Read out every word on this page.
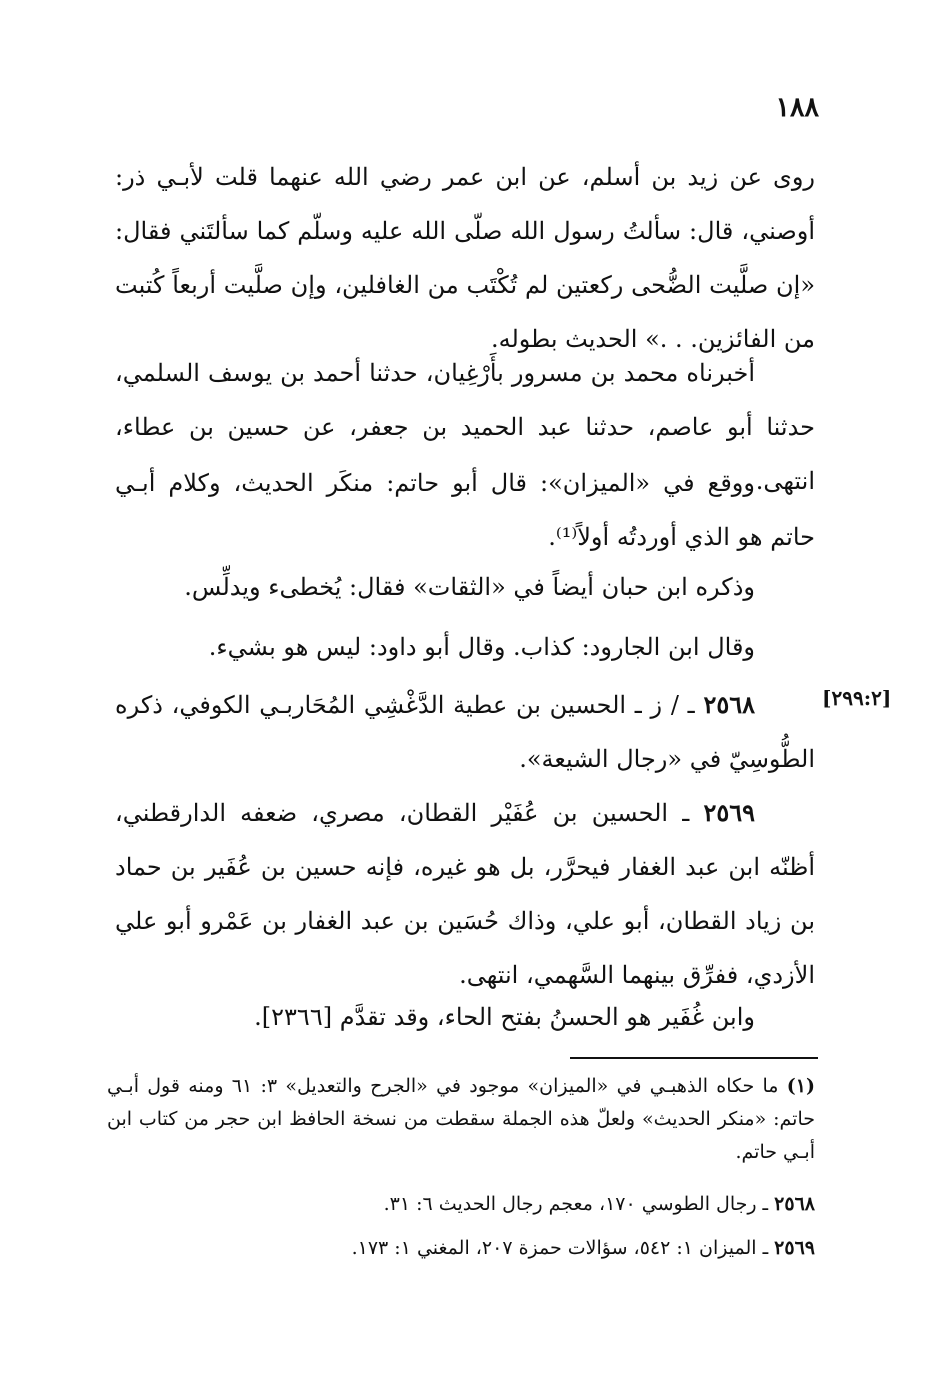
١٨٨

روى عن زيد بن أسلم، عن ابن عمر رضي الله عنهما قلت لأبـي ذر: أوصني، قال: سألتُ رسول الله صلّى الله عليه وسلّم كما سألتَني فقال: «إن صلَّيت الضُّحى ركعتين لم تُكْتَب من الغافلين، وإن صلَّيت أربعاً كُتبت من الفائزين. . .» الحديث بطوله.

أخبرناه محمد بن مسرور بأَرْغِيان، حدثنا أحمد بن يوسف السلمي، حدثنا أبو عاصم، حدثنا عبد الحميد بن جعفر، عن حسين بن عطاء، انتهى.

ووقع في «الميزان»: قال أبو حاتم: منكَر الحديث، وكلام أبـي حاتم هو الذي أوردتُه أولاً⁽¹⁾.

وذكره ابن حبان أيضاً في «الثقات» فقال: يُخطىء ويدلِّس.

وقال ابن الجارود: كذاب. وقال أبو داود: ليس هو بشيء.

[٢٩٩:٢]

٢٥٦٨ ـ / ز ـ الحسين بن عطية الدَّغْشِي المُحَاربـي الكوفي، ذكره الطُّوسِيّ في «رجال الشيعة».

٢٥٦٩ ـ الحسين بن عُفَيْر القطان، مصري، ضعفه الدارقطني، أظنّه ابن عبد الغفار فيحرَّر، بل هو غيره، فإنه حسين بن عُفَير بن حماد بن زياد القطان، أبو علي، وذاك حُسَين بن عبد الغفار بن عَمْرو أبو علي الأزدي، ففرِّق بينهما السَّهمي، انتهى.

وابن غُفَير هو الحسنُ بفتح الحاء، وقد تقدَّم [٢٣٦٦].

(١) ما حكاه الذهبـي في «الميزان» موجود في «الجرح والتعديل» ٣: ٦١ ومنه قول أبـي حاتم: «منكر الحديث» ولعلّ هذه الجملة سقطت من نسخة الحافظ ابن حجر من كتاب ابن أبـي حاتم.

٢٥٦٨ ـ رجال الطوسي ١٧٠، معجم رجال الحديث ٦: ٣١.

٢٥٦٩ ـ الميزان ١: ٥٤٢، سؤالات حمزة ٢٠٧، المغني ١: ١٧٣.
